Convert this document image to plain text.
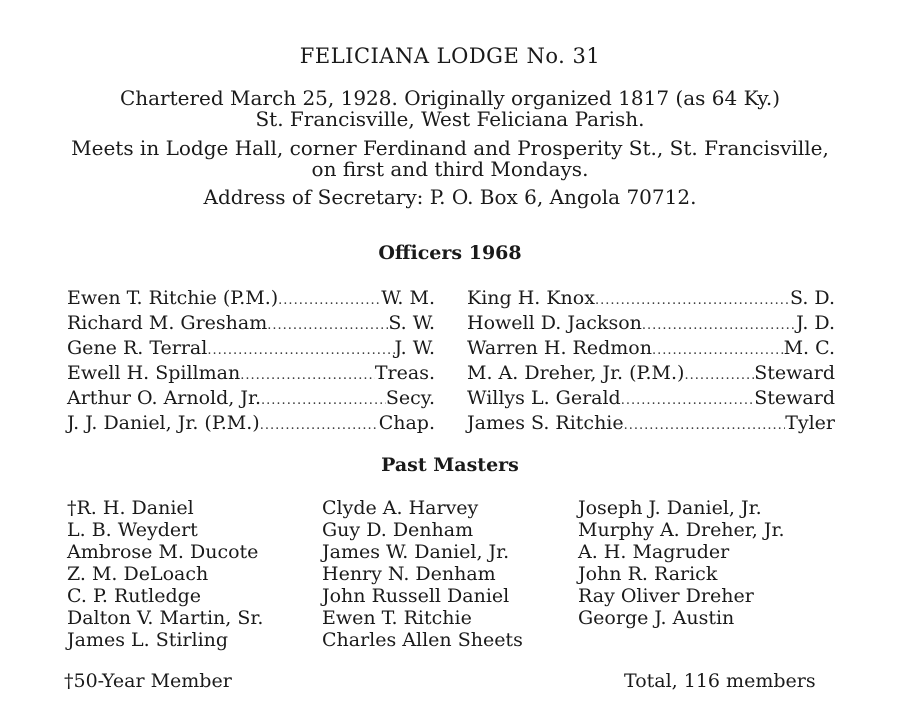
FELICIANA LODGE No. 31
Chartered March 25, 1928. Originally organized 1817 (as 64 Ky.)
St. Francisville, West Feliciana Parish.
Meets in Lodge Hall, corner Ferdinand and Prosperity St., St. Francisville,
on first and third Mondays.
Address of Secretary: P. O. Box 6, Angola 70712.
Officers 1968
Ewen T. Ritchie (P.M.) .....	W. M.
Richard M. Gresham .....	S. W.
Gene R. Terral .....	J. W.
Ewell H. Spillman .....	Treas.
Arthur O. Arnold, Jr. .....	Secy.
J. J. Daniel, Jr. (P.M.) .....	Chap.
King H. Knox .....	S. D.
Howell D. Jackson .....	J. D.
Warren H. Redmon .....	M. C.
M. A. Dreher, Jr. (P.M.) .....	Steward
Willys L. Gerald .....	Steward
James S. Ritchie .....	Tyler
Past Masters
†R. H. Daniel
L. B. Weydert
Ambrose M. Ducote
Z. M. DeLoach
C. P. Rutledge
Dalton V. Martin, Sr.
James L. Stirling
Clyde A. Harvey
Guy D. Denham
James W. Daniel, Jr.
Henry N. Denham
John Russell Daniel
Ewen T. Ritchie
Charles Allen Sheets
Joseph J. Daniel, Jr.
Murphy A. Dreher, Jr.
A. H. Magruder
John R. Rarick
Ray Oliver Dreher
George J. Austin
†50-Year Member	Total, 116 members
